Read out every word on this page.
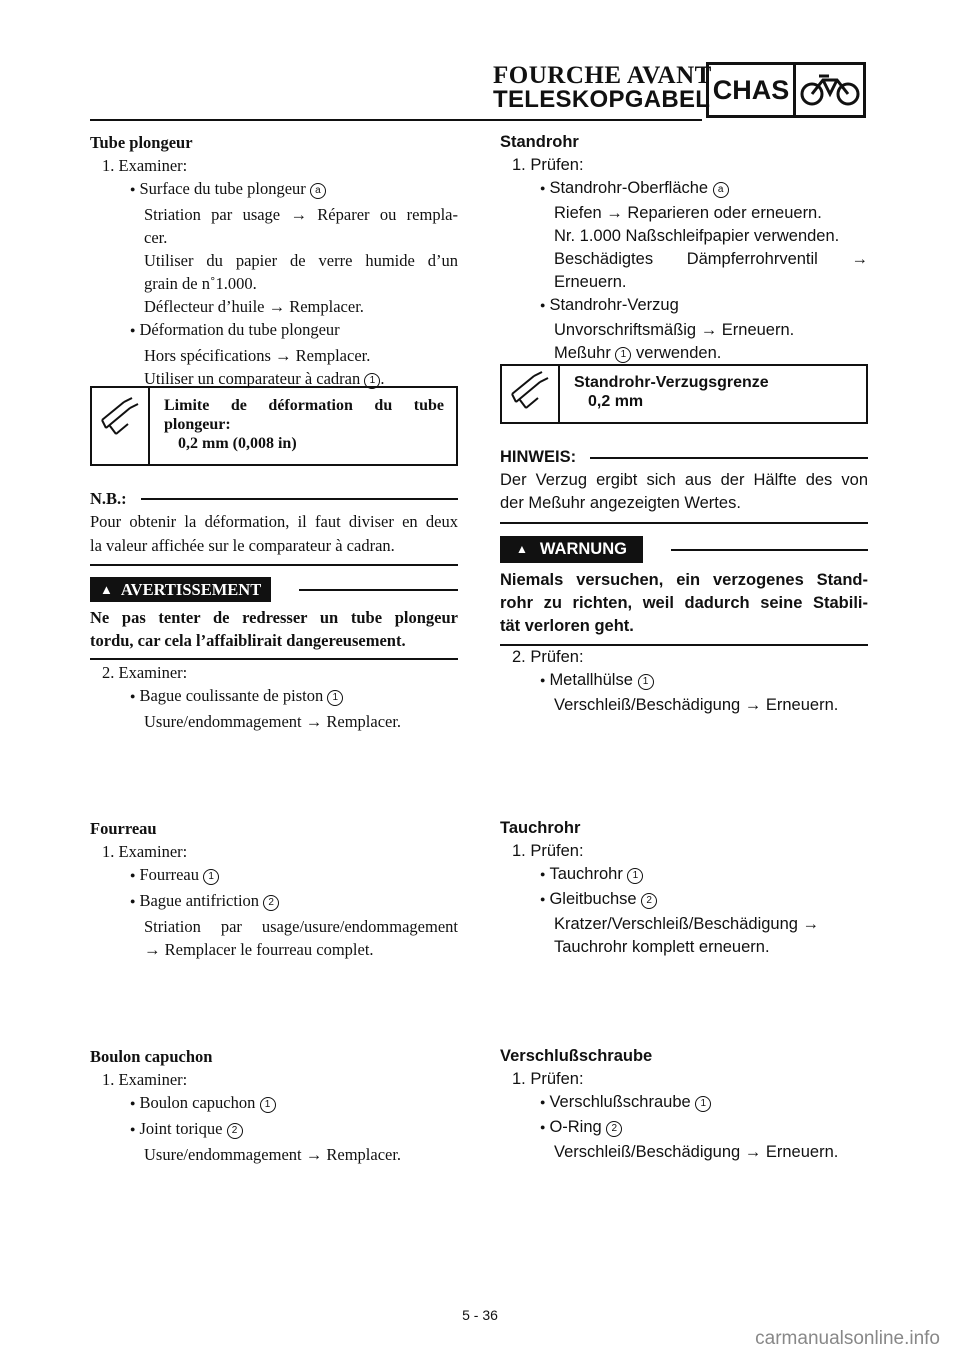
FOURCHE AVANT
TELESKOPGABEL CHAS
Tube plongeur
1. Examiner:
● Surface du tube plongeur a
Striation par usage → Réparer ou rempla-
cer.
Utiliser du papier de verre humide d’un
grain de n˚1.000.
Déflecteur d’huile → Remplacer.
● Déformation du tube plongeur
Hors spécifications → Remplacer.
Utiliser un comparateur à cadran 1 .
Limite de déformation du tube
plongeur:
0,2 mm (0,008 in)
N.B.:
Pour obtenir la déformation, il faut diviser en deux
la valeur affichée sur le comparateur à cadran.
▲ AVERTISSEMENT
Ne pas tenter de redresser un tube plongeur
tordu, car cela l’affaiblirait dangereusement.
2. Examiner:
● Bague coulissante de piston 1
Usure/endommagement → Remplacer.
Fourreau
1. Examiner:
● Fourreau 1
● Bague antifriction 2
Striation par usage/usure/endommagement
→ Remplacer le fourreau complet.
Boulon capuchon
1. Examiner:
● Boulon capuchon 1
● Joint torique 2
Usure/endommagement → Remplacer.
Standrohr
1. Prüfen:
● Standrohr-Oberfläche a
Riefen → Reparieren oder erneuern.
Nr. 1.000 Naßschleifpapier verwenden.
Beschädigtes Dämpferrohrventil →
Erneuern.
● Standrohr-Verzug
Unvorschriftsmäßig → Erneuern.
Meßuhr 1 verwenden.
Standrohr-Verzugsgrenze
0,2 mm
HINWEIS:
Der Verzug ergibt sich aus der Hälfte des von
der Meßuhr angezeigten Wertes.
▲ WARNUNG
Niemals versuchen, ein verzogenes Stand-
rohr zu richten, weil dadurch seine Stabili-
tät verloren geht.
2. Prüfen:
● Metallhülse 1
Verschleiß/Beschädigung → Erneuern.
Tauchrohr
1. Prüfen:
● Tauchrohr 1
● Gleitbuchse 2
Kratzer/Verschleiß/Beschädigung →
Tauchrohr komplett erneuern.
Verschlußschraube
1. Prüfen:
● Verschlußschraube 1
● O-Ring 2
Verschleiß/Beschädigung → Erneuern.
5 - 36
carmanualsonline.info
